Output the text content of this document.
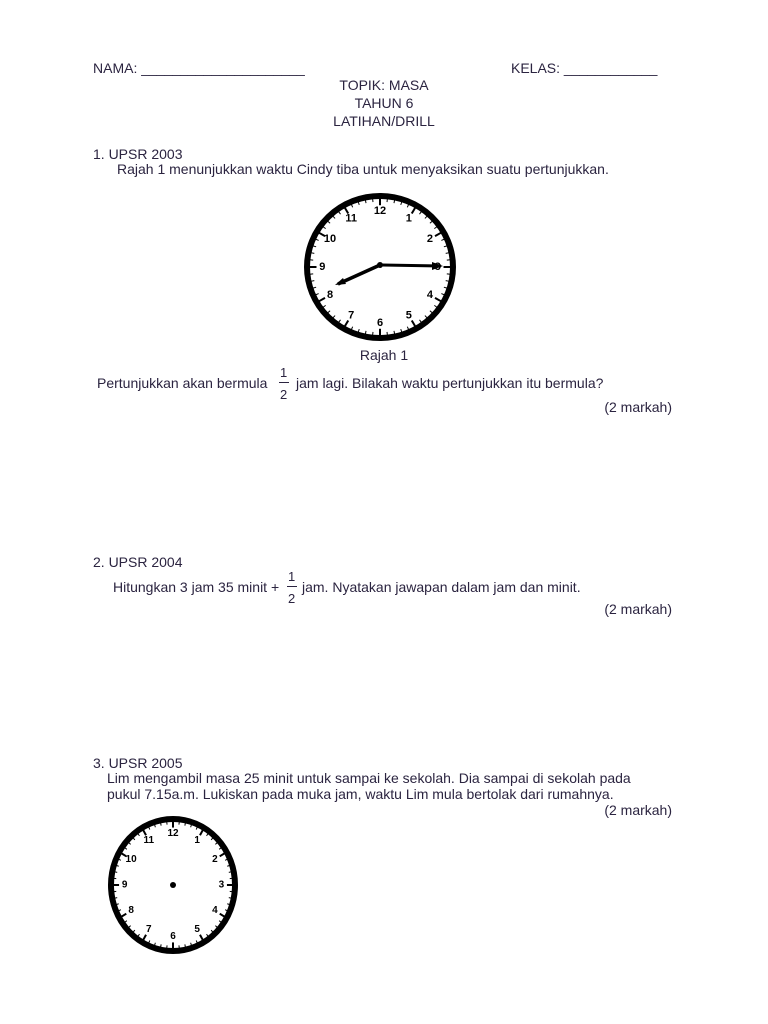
NAMA: _____________________	KELAS: ____________
TOPIK: MASA
TAHUN 6
LATIHAN/DRILL
1. UPSR 2003
Rajah 1 menunjukkan waktu Cindy tiba untuk menyaksikan suatu pertunjukkan.
12
1
2
4
5
6
7
8
9
10
11
Rajah 1
Pertunjukkan akan bermula
1
2
jam lagi. Bilakah waktu pertunjukkan itu bermula?
(2 markah)
2. UPSR 2004
Hitungkan 3 jam 35 minit +
1
2
jam. Nyatakan jawapan dalam jam dan minit.
(2 markah)
3. UPSR 2005
Lim mengambil masa 25 minit untuk sampai ke sekolah. Dia sampai di sekolah pada
pukul 7.15a.m. Lukiskan pada muka jam, waktu Lim mula bertolak dari rumahnya.
(2 markah)
12
1
2
3
4
5
6
7
8
9
10
11
